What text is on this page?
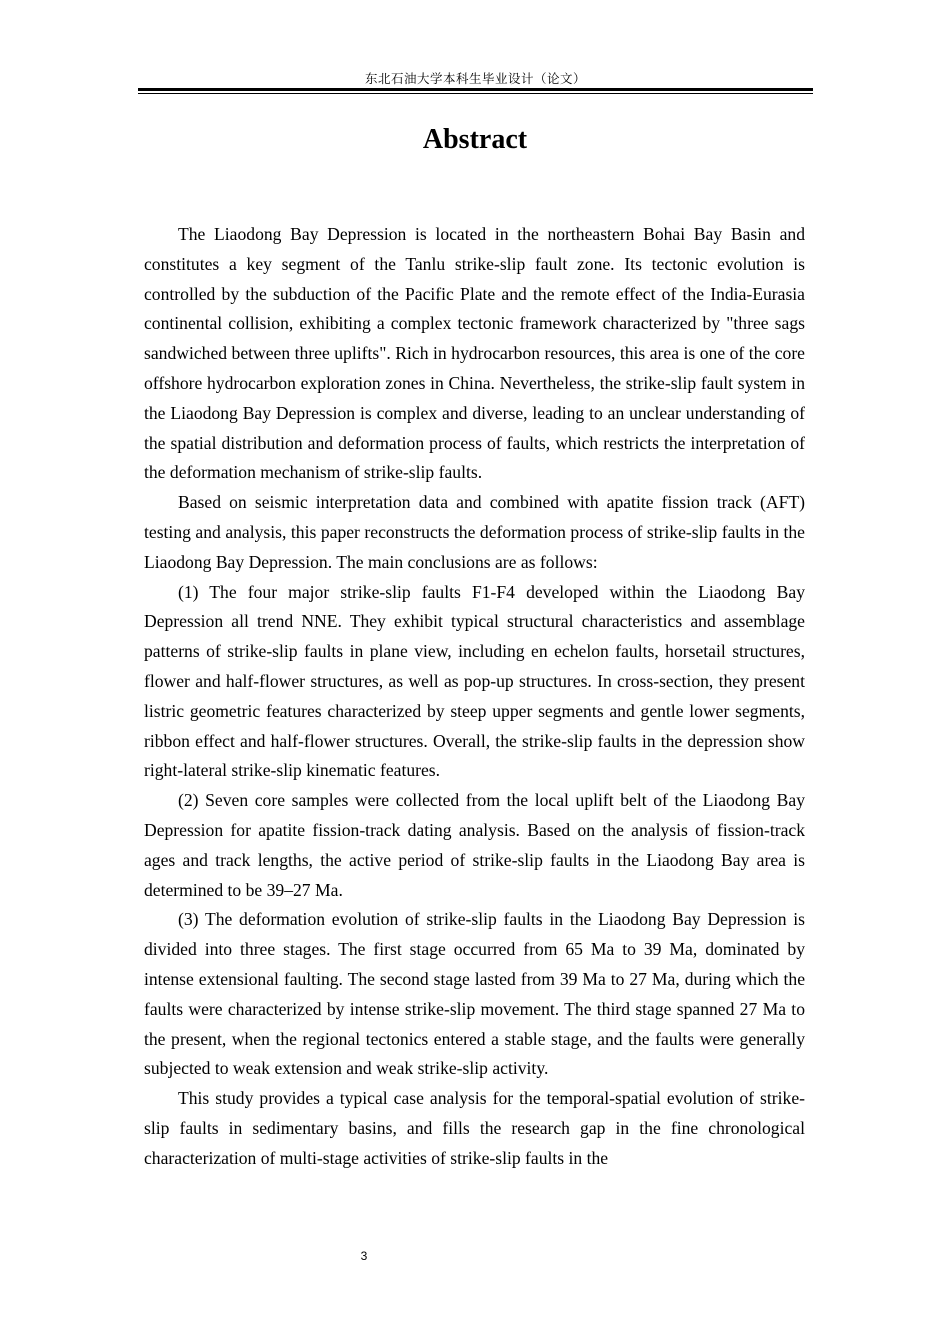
东北石油大学本科生毕业设计（论文）
Abstract

The Liaodong Bay Depression is located in the northeastern Bohai Bay Basin and constitutes a key segment of the Tanlu strike-slip fault zone. Its tectonic evolution is controlled by the subduction of the Pacific Plate and the remote effect of the India-Eurasia continental collision, exhibiting a complex tectonic framework characterized by "three sags sandwiched between three uplifts". Rich in hydrocarbon resources, this area is one of the core offshore hydrocarbon exploration zones in China. Nevertheless, the strike-slip fault system in the Liaodong Bay Depression is complex and diverse, leading to an unclear understanding of the spatial distribution and deformation process of faults, which restricts the interpretation of the deformation mechanism of strike-slip faults.

Based on seismic interpretation data and combined with apatite fission track (AFT) testing and analysis, this paper reconstructs the deformation process of strike-slip faults in the Liaodong Bay Depression. The main conclusions are as follows:

(1) The four major strike-slip faults F1-F4 developed within the Liaodong Bay Depression all trend NNE. They exhibit typical structural characteristics and assemblage patterns of strike-slip faults in plane view, including en echelon faults, horsetail structures, flower and half-flower structures, as well as pop-up structures. In cross-section, they present listric geometric features characterized by steep upper segments and gentle lower segments, ribbon effect and half-flower structures. Overall, the strike-slip faults in the depression show right-lateral strike-slip kinematic features.

(2) Seven core samples were collected from the local uplift belt of the Liaodong Bay Depression for apatite fission-track dating analysis. Based on the analysis of fission-track ages and track lengths, the active period of strike-slip faults in the Liaodong Bay area is determined to be 39–27 Ma.

(3) The deformation evolution of strike-slip faults in the Liaodong Bay Depression is divided into three stages. The first stage occurred from 65 Ma to 39 Ma, dominated by intense extensional faulting. The second stage lasted from 39 Ma to 27 Ma, during which the faults were characterized by intense strike-slip movement. The third stage spanned 27 Ma to the present, when the regional tectonics entered a stable stage, and the faults were generally subjected to weak extension and weak strike-slip activity.

This study provides a typical case analysis for the temporal-spatial evolution of strike-slip faults in sedimentary basins, and fills the research gap in the fine chronological characterization of multi-stage activities of strike-slip faults in the

3
